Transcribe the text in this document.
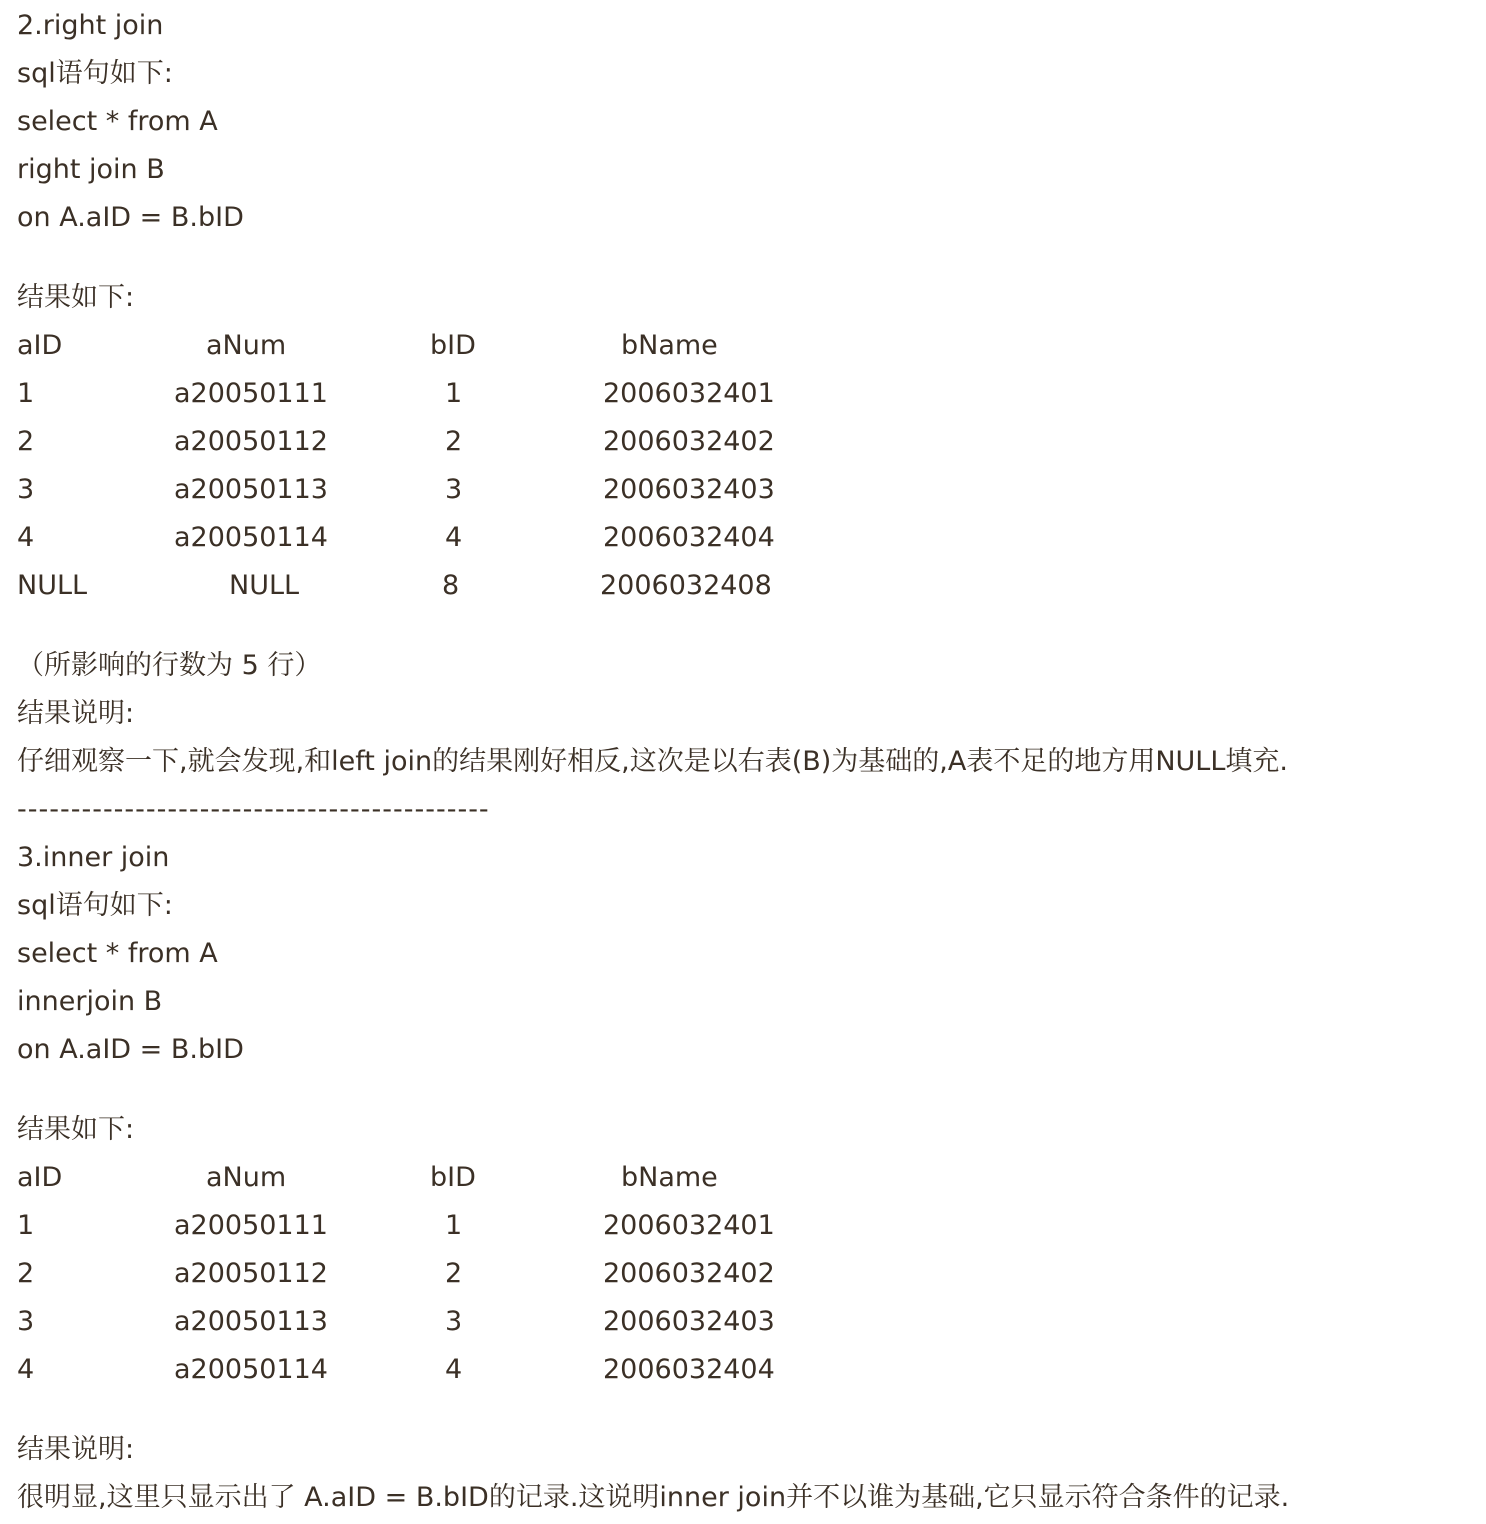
2.right join
sql语句如下:
select * from A
right join B
on A.aID = B.bID
结果如下:
aID	aNum	bID	bName
1	a20050111	1	2006032401
2	a20050112	2	2006032402
3	a20050113	3	2006032403
4	a20050114	4	2006032404
NULL	NULL	8	2006032408
（所影响的行数为 5 行）
结果说明:
仔细观察一下,就会发现,和left join的结果刚好相反,这次是以右表(B)为基础的,A表不足的地方用NULL填充.
--------------------------------------------
3.inner join
sql语句如下:
select * from A
innerjoin B
on A.aID = B.bID
结果如下:
aID	aNum	bID	bName
1	a20050111	1	2006032401
2	a20050112	2	2006032402
3	a20050113	3	2006032403
4	a20050114	4	2006032404
结果说明:
很明显,这里只显示出了 A.aID = B.bID的记录.这说明inner join并不以谁为基础,它只显示符合条件的记录.
